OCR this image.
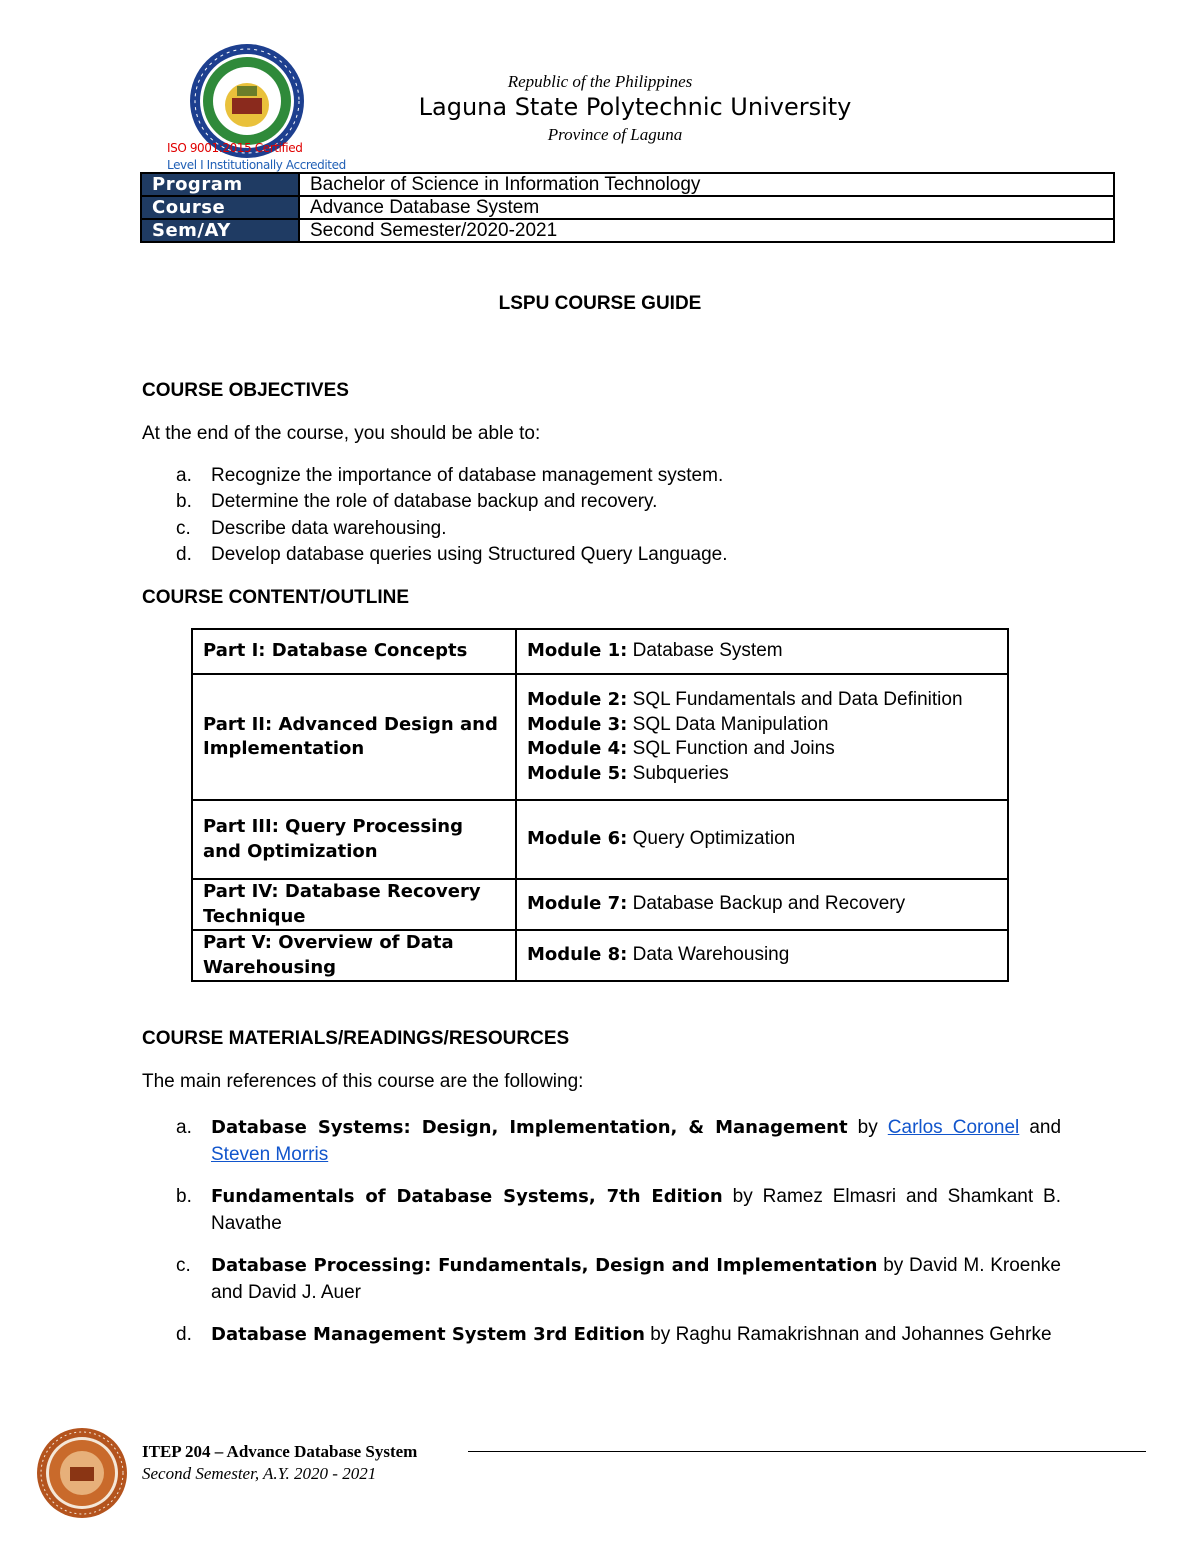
ISO 9001:2015 Certified
Level I Institutionally Accredited
Republic of the Philippines
Laguna State Polytechnic University
Province of Laguna
Program	Bachelor of Science in Information Technology
Course	Advance Database System
Sem/AY	Second Semester/2020-2021
LSPU COURSE GUIDE
COURSE OBJECTIVES
At the end of the course, you should be able to:
a. Recognize the importance of database management system.
b. Determine the role of database backup and recovery.
c. Describe data warehousing.
d. Develop database queries using Structured Query Language.
COURSE CONTENT/OUTLINE
Part I: Database Concepts	Module 1: Database System
Part II: Advanced Design and Implementation	Module 2: SQL Fundamentals and Data Definition
Module 3: SQL Data Manipulation
Module 4: SQL Function and Joins
Module 5: Subqueries

Part III: Query Processing and Optimization	Module 6: Query Optimization
Part IV: Database Recovery Technique	Module 7: Database Backup and Recovery
Part V: Overview of Data Warehousing	Module 8: Data Warehousing
COURSE MATERIALS/READINGS/RESOURCES
The main references of this course are the following:
a. Database Systems: Design, Implementation, & Management by Carlos Coronel and Steven Morris
b. Fundamentals of Database Systems, 7th Edition by Ramez Elmasri and Shamkant B. Navathe
c. Database Processing: Fundamentals, Design and Implementation by David M. Kroenke and David J. Auer
d. Database Management System 3rd Edition by Raghu Ramakrishnan and Johannes Gehrke
ITEP 204 – Advance Database System
Second Semester, A.Y. 2020 - 2021
